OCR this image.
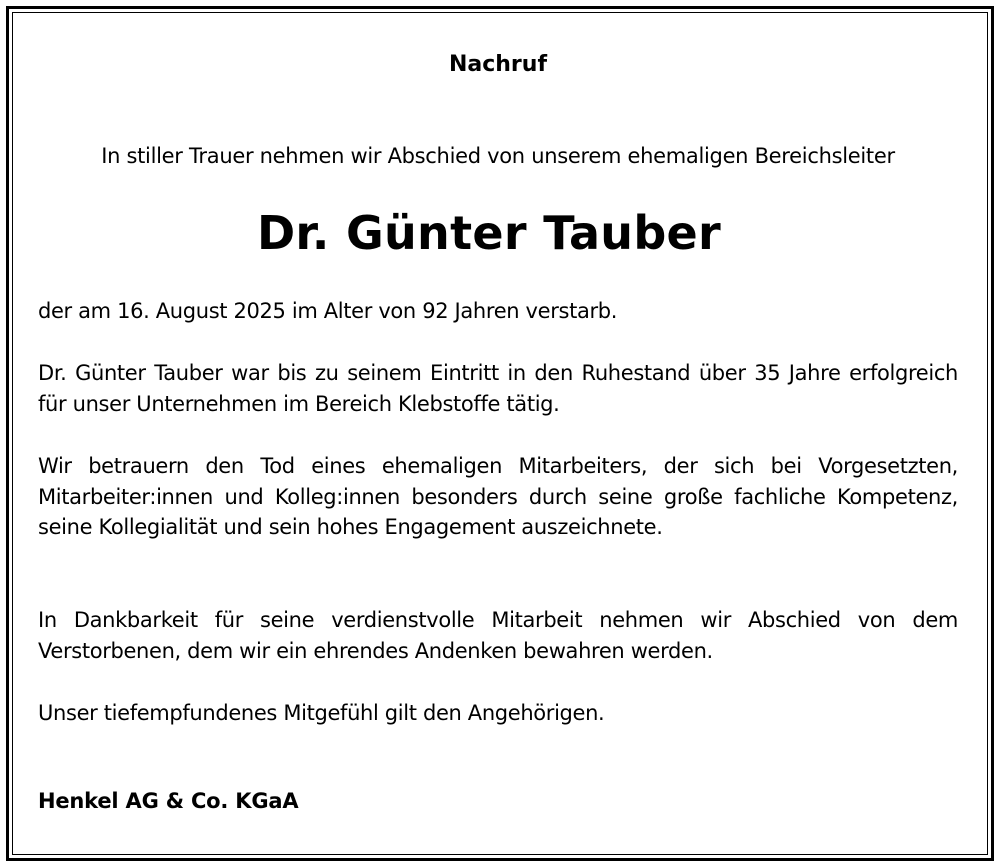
Nachruf
In stiller Trauer nehmen wir Abschied von unserem ehemaligen Bereichsleiter
Dr. Günter Tauber
der am 16. August 2025 im Alter von 92 Jahren verstarb.
Dr. Günter Tauber war bis zu seinem Eintritt in den Ruhestand über 35 Jahre erfolgreich für unser Unternehmen im Bereich Klebstoffe tätig.
Wir betrauern den Tod eines ehemaligen Mitarbeiters, der sich bei Vorgesetzten, Mitarbeiter:innen und Kolleg:innen besonders durch seine große fachliche Kompetenz, seine Kollegialität und sein hohes Engagement auszeichnete.
In Dankbarkeit für seine verdienstvolle Mitarbeit nehmen wir Abschied von dem Verstorbenen, dem wir ein ehrendes Andenken bewahren werden.
Unser tiefempfundenes Mitgefühl gilt den Angehörigen.
Henkel AG & Co. KGaA
